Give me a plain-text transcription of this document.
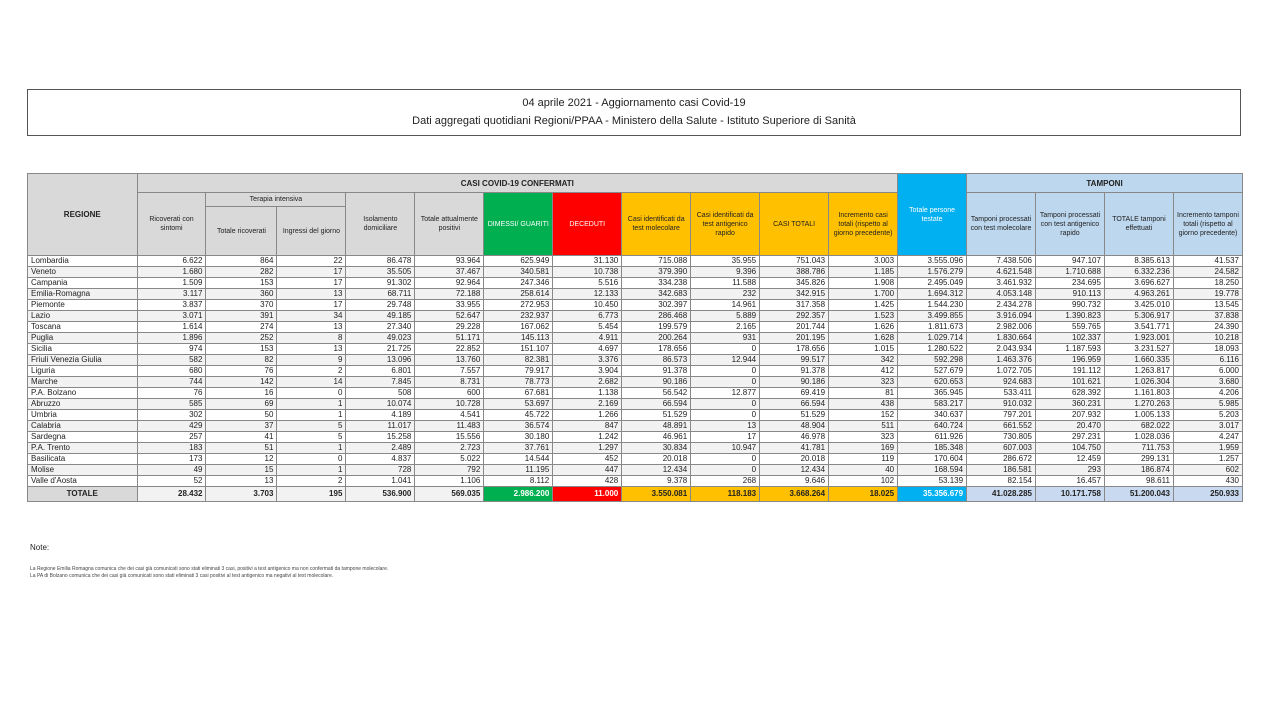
04 aprile 2021 - Aggiornamento casi Covid-19
Dati aggregati quotidiani Regioni/PPAA - Ministero della Salute - Istituto Superiore di Sanità
REGIONE	CASI COVID-19 CONFERMATI											Totale persone testate	TAMPONI			
	Ricoverati con sintomi	Terapia intensiva		Isolamento domiciliare	Totale attualmente positivi	DIMESSI/ GUARITI	DECEDUTI	Casi identificati da test molecolare	Casi identificati da test antigenico rapido	CASI TOTALI	Incremento casi totali (rispetto al giorno precedente)		Tamponi processati con test molecolare	Tamponi processati con test antigenico rapido	TOTALE tamponi effettuati	Incremento tamponi totali (rispetto al giorno precedente)
		Totale ricoverati	Ingressi del giorno													
Lombardia	6.622	864	22	86.478	93.964	625.949	31.130	715.088	35.955	751.043	3.003	3.555.096	7.438.506	947.107	8.385.613	41.537
Veneto	1.680	282	17	35.505	37.467	340.581	10.738	379.390	9.396	388.786	1.185	1.576.279	4.621.548	1.710.688	6.332.236	24.582
Campania	1.509	153	17	91.302	92.964	247.346	5.516	334.238	11.588	345.826	1.908	2.495.049	3.461.932	234.695	3.696.627	18.250
Emilia-Romagna	3.117	360	13	68.711	72.188	258.614	12.133	342.683	232	342.915	1.700	1.694.312	4.053.148	910.113	4.963.261	19.778
Piemonte	3.837	370	17	29.748	33.955	272.953	10.450	302.397	14.961	317.358	1.425	1.544.230	2.434.278	990.732	3.425.010	13.545
Lazio	3.071	391	34	49.185	52.647	232.937	6.773	286.468	5.889	292.357	1.523	3.499.855	3.916.094	1.390.823	5.306.917	37.838
Toscana	1.614	274	13	27.340	29.228	167.062	5.454	199.579	2.165	201.744	1.626	1.811.673	2.982.006	559.765	3.541.771	24.390
Puglia	1.896	252	8	49.023	51.171	145.113	4.911	200.264	931	201.195	1.628	1.029.714	1.830.664	102.337	1.923.001	10.218
Sicilia	974	153	13	21.725	22.852	151.107	4.697	178.656	0	178.656	1.015	1.280.522	2.043.934	1.187.593	3.231.527	18.093
Friuli Venezia Giulia	582	82	9	13.096	13.760	82.381	3.376	86.573	12.944	99.517	342	592.298	1.463.376	196.959	1.660.335	6.116
Liguria	680	76	2	6.801	7.557	79.917	3.904	91.378	0	91.378	412	527.679	1.072.705	191.112	1.263.817	6.000
Marche	744	142	14	7.845	8.731	78.773	2.682	90.186	0	90.186	323	620.653	924.683	101.621	1.026.304	3.680
P.A. Bolzano	76	16	0	508	600	67.681	1.138	56.542	12.877	69.419	81	365.945	533.411	628.392	1.161.803	4.206
Abruzzo	585	69	1	10.074	10.728	53.697	2.169	66.594	0	66.594	438	583.217	910.032	360.231	1.270.263	5.985
Umbria	302	50	1	4.189	4.541	45.722	1.266	51.529	0	51.529	152	340.637	797.201	207.932	1.005.133	5.203
Calabria	429	37	5	11.017	11.483	36.574	847	48.891	13	48.904	511	640.724	661.552	20.470	682.022	3.017
Sardegna	257	41	5	15.258	15.556	30.180	1.242	46.961	17	46.978	323	611.926	730.805	297.231	1.028.036	4.247
P.A. Trento	183	51	1	2.489	2.723	37.761	1.297	30.834	10.947	41.781	169	185.348	607.003	104.750	711.753	1.959
Basilicata	173	12	0	4.837	5.022	14.544	452	20.018	0	20.018	119	170.604	286.672	12.459	299.131	1.257
Molise	49	15	1	728	792	11.195	447	12.434	0	12.434	40	168.594	186.581	293	186.874	602
Valle d'Aosta	52	13	2	1.041	1.106	8.112	428	9.378	268	9.646	102	53.139	82.154	16.457	98.611	430
TOTALE	28.432	3.703	195	536.900	569.035	2.986.200	11.000	3.550.081	118.183	3.668.264	18.025	35.356.679	41.028.285	10.171.758	51.200.043	250.933
Note:
La Regione Emilia Romagna comunica che dei casi già comunicati sono stati eliminati 3 casi, positivi a test antigenico ma non confermati da tampone molecolare.
La PA di Bolzano comunica che dei casi già comunicati sono stati eliminati 3 casi positivi al test antigenico ma negativi al test molecolare.
